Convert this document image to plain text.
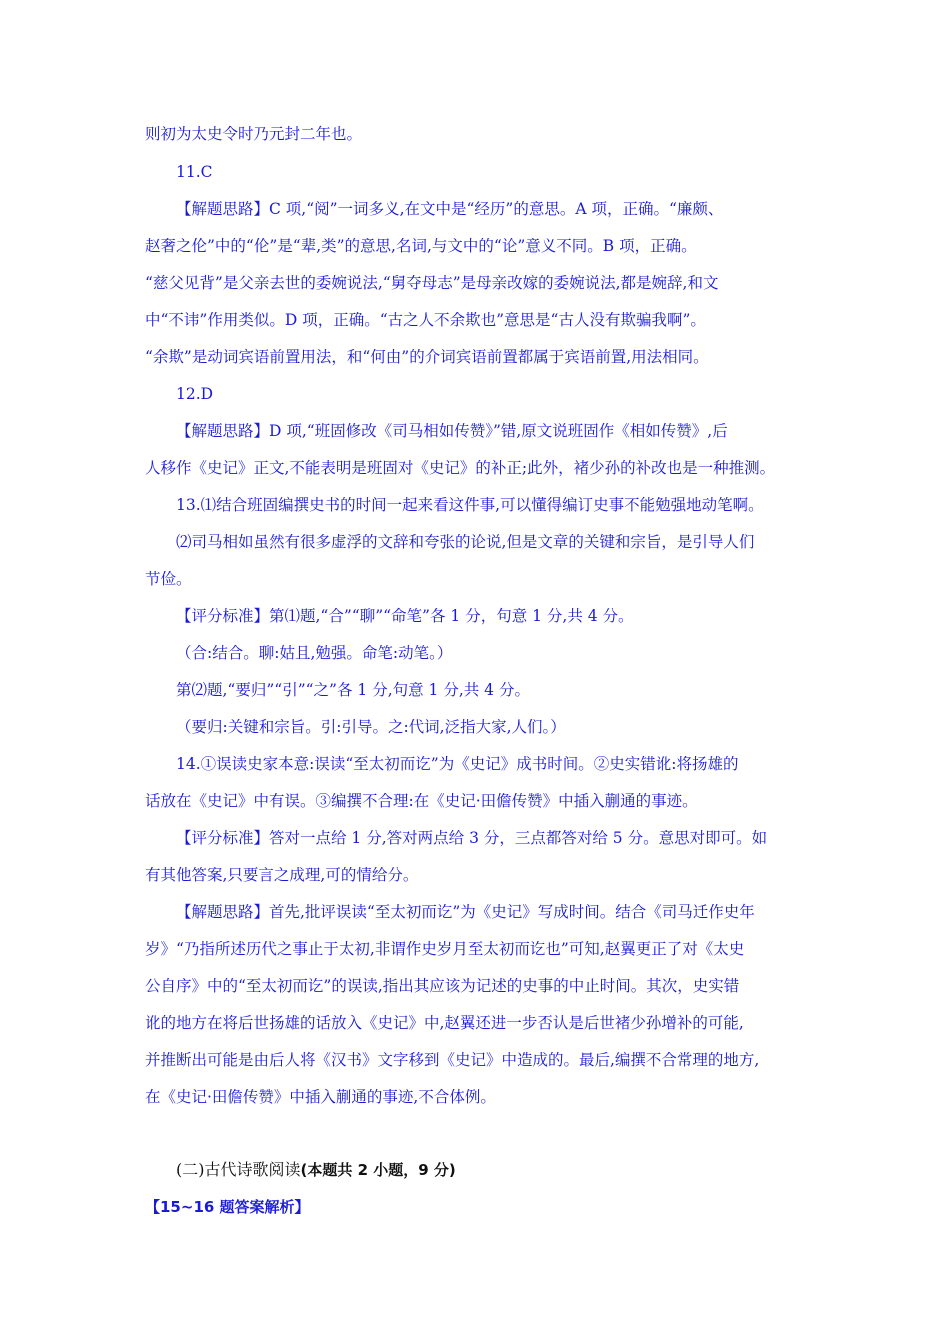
则初为太史令时乃元封二年也。
11.C
【解题思路】C 项,“阅”一词多义,在文中是“经历”的意思。A 项，正确。“廉颇、
赵奢之伦”中的“伦”是“辈,类”的意思,名词,与文中的“论”意义不同。B 项，正确。
“慈父见背”是父亲去世的委婉说法,“舅夺母志”是母亲改嫁的委婉说法,都是婉辞,和文
中“不讳”作用类似。D 项，正确。“古之人不余欺也”意思是“古人没有欺骗我啊”。
“余欺”是动词宾语前置用法，和“何由”的介词宾语前置都属于宾语前置,用法相同。
12.D
【解题思路】D 项,“班固修改《司马相如传赞》”错,原文说班固作《相如传赞》,后
人移作《史记》正文,不能表明是班固对《史记》的补正;此外，褚少孙的补改也是一种推测。
13.⑴结合班固编撰史书的时间一起来看这件事,可以懂得编订史事不能勉强地动笔啊。
⑵司马相如虽然有很多虚浮的文辞和夸张的论说,但是文章的关键和宗旨，是引导人们
节俭。
【评分标准】第⑴题,“合”“聊”“命笔”各 1 分，句意 1 分,共 4 分。
（合:结合。聊:姑且,勉强。命笔:动笔。）
第⑵题,“要归”“引”“之”各 1 分,句意 1 分,共 4 分。
（要归:关键和宗旨。引:引导。之:代词,泛指大家,人们。）
14.①误读史家本意:误读“至太初而讫”为《史记》成书时间。②史实错讹:将扬雄的
话放在《史记》中有误。③编撰不合理:在《史记·田儋传赞》中插入蒯通的事迹。
【评分标准】答对一点给 1 分,答对两点给 3 分，三点都答对给 5 分。意思对即可。如
有其他答案,只要言之成理,可的情给分。
【解题思路】首先,批评误读“至太初而讫”为《史记》写成时间。结合《司马迁作史年
岁》“乃指所述历代之事止于太初,非谓作史岁月至太初而讫也”可知,赵翼更正了对《太史
公自序》中的“至太初而讫”的误读,指出其应该为记述的史事的中止时间。其次，史实错
讹的地方在将后世扬雄的话放入《史记》中,赵翼还进一步否认是后世褚少孙增补的可能,
并推断出可能是由后人将《汉书》文字移到《史记》中造成的。最后,编撰不合常理的地方,
在《史记·田儋传赞》中插入蒯通的事迹,不合体例。
(二)古代诗歌阅读(本题共 2 小题，9 分)
【15~16 题答案解析】
